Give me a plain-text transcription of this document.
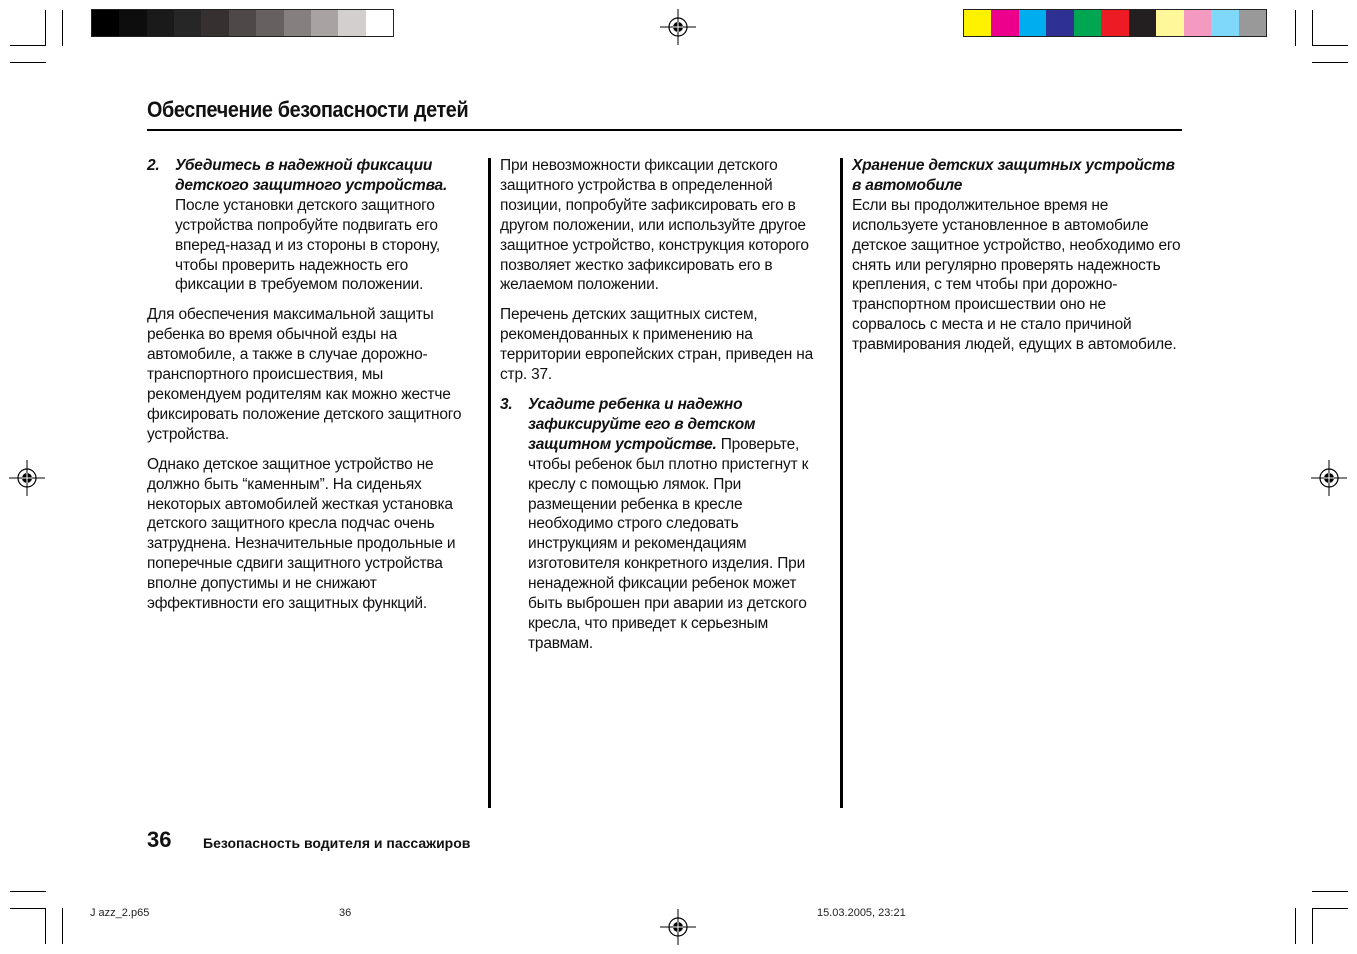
Обеспечение безопасности детей
2. Убедитесь в надежной фиксации детского защитного устройства. После установки детского защитного устройства попробуйте подвигать его вперед-назад и из стороны в сторону, чтобы проверить надежность его фиксации в требуемом положении.

Для обеспечения максимальной защиты ребенка во время обычной езды на автомобиле, а также в случае дорожно-транспортного происшествия, мы рекомендуем родителям как можно жестче фиксировать положение детского защитного устройства.

Однако детское защитное устройство не должно быть “каменным”. На сиденьях некоторых автомобилей жесткая установка детского защитного кресла подчас очень затруднена. Незначительные продольные и поперечные сдвиги защитного устройства вполне допустимы и не снижают эффективности его защитных функций.

При невозможности фиксации детского защитного устройства в определенной позиции, попробуйте зафиксировать его в другом положении, или используйте другое защитное устройство, конструкция которого позволяет жестко зафиксировать его в желаемом положении.

Перечень детских защитных систем, рекомендованных к применению на территории европейских стран, приведен на стр. 37.

3. Усадите ребенка и надежно зафиксируйте его в детском защитном устройстве. Проверьте, чтобы ребенок был плотно пристегнут к креслу с помощью лямок. При размещении ребенка в кресле необходимо строго следовать инструкциям и рекомендациям изготовителя конкретного изделия. При ненадежной фиксации ребенок может быть выброшен при аварии из детского кресла, что приведет к серьезным травмам.
Хранение детских защитных устройств в автомобиле

Если вы продолжительное время не используете установленное в автомобиле детское защитное устройство, необходимо его снять или регулярно проверять надежность крепления, с тем чтобы при дорожно-транспортном происшествии оно не сорвалось с места и не стало причиной травмирования людей, едущих в автомобиле.

36 Безопасность водителя и пассажиров
J azz_2.p65	36	15.03.2005, 23:21
